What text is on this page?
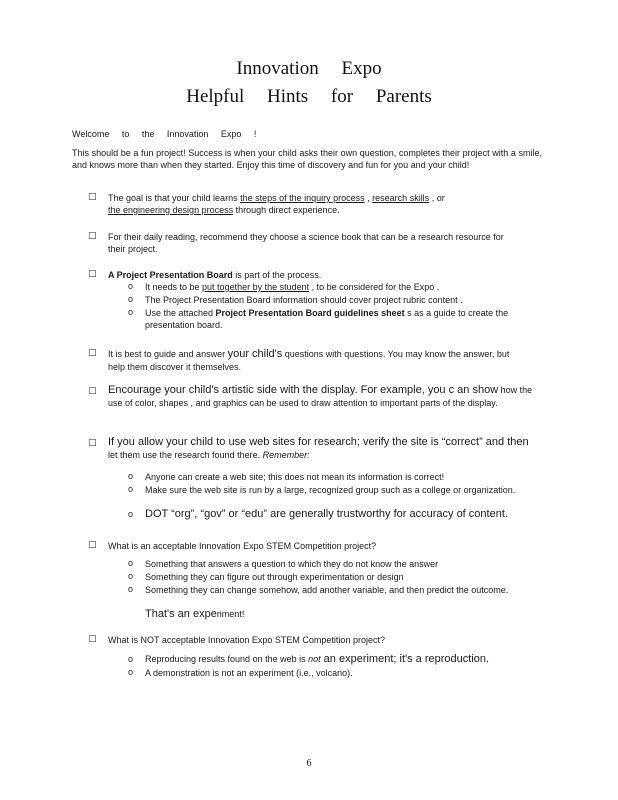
Innovation Expo
Helpful Hints for Parents
Welcome to the Innovation Expo !
This should be a fun project! Success is when your child asks their own question, completes their project with a smile, and knows more than when they started. Enjoy this time of discovery and fun for you and your child!
□ The goal is that your child learns the steps of the inquiry process , research skills , or
the engineering design process through direct experience.
□ For their daily reading, recommend they choose a science book that can be a research resource for their project.
□ A Project Presentation Board is part of the process.
o It needs to be put together by the student , to be considered for the Expo .
o The Project Presentation Board information should cover project rubric content .
o Use the attached Project Presentation Board guidelines sheet s as a guide to create the presentation board.
□ It is best to guide and answer your child's questions with questions. You may know the answer, but help them discover it themselves.
□ Encourage your child's artistic side with the display. For example, you c an show how the use of color, shapes , and graphics can be used to draw attention to important parts of the display.
□ If you allow your child to use web sites for research; verify the site is “correct” and then
let them use the research found there. Remember:
o Anyone can create a web site; this does not mean its information is correct!
o Make sure the web site is run by a large, recognized group such as a college or organization.
o DOT “org”, “gov” or “edu” are generally trustworthy for accuracy of content.
□ What is an acceptable Innovation Expo STEM Competition project?
o Something that answers a question to which they do not know the answer
o Something they can figure out through experimentation or design
o Something they can change somehow, add another variable, and then predict the outcome.
That's an experiment!
□ What is NOT acceptable Innovation Expo STEM Competition project?
o Reproducing results found on the web is not an experiment; it's a reproduction.
o A demonstration is not an experiment (i.e., volcano).
6
